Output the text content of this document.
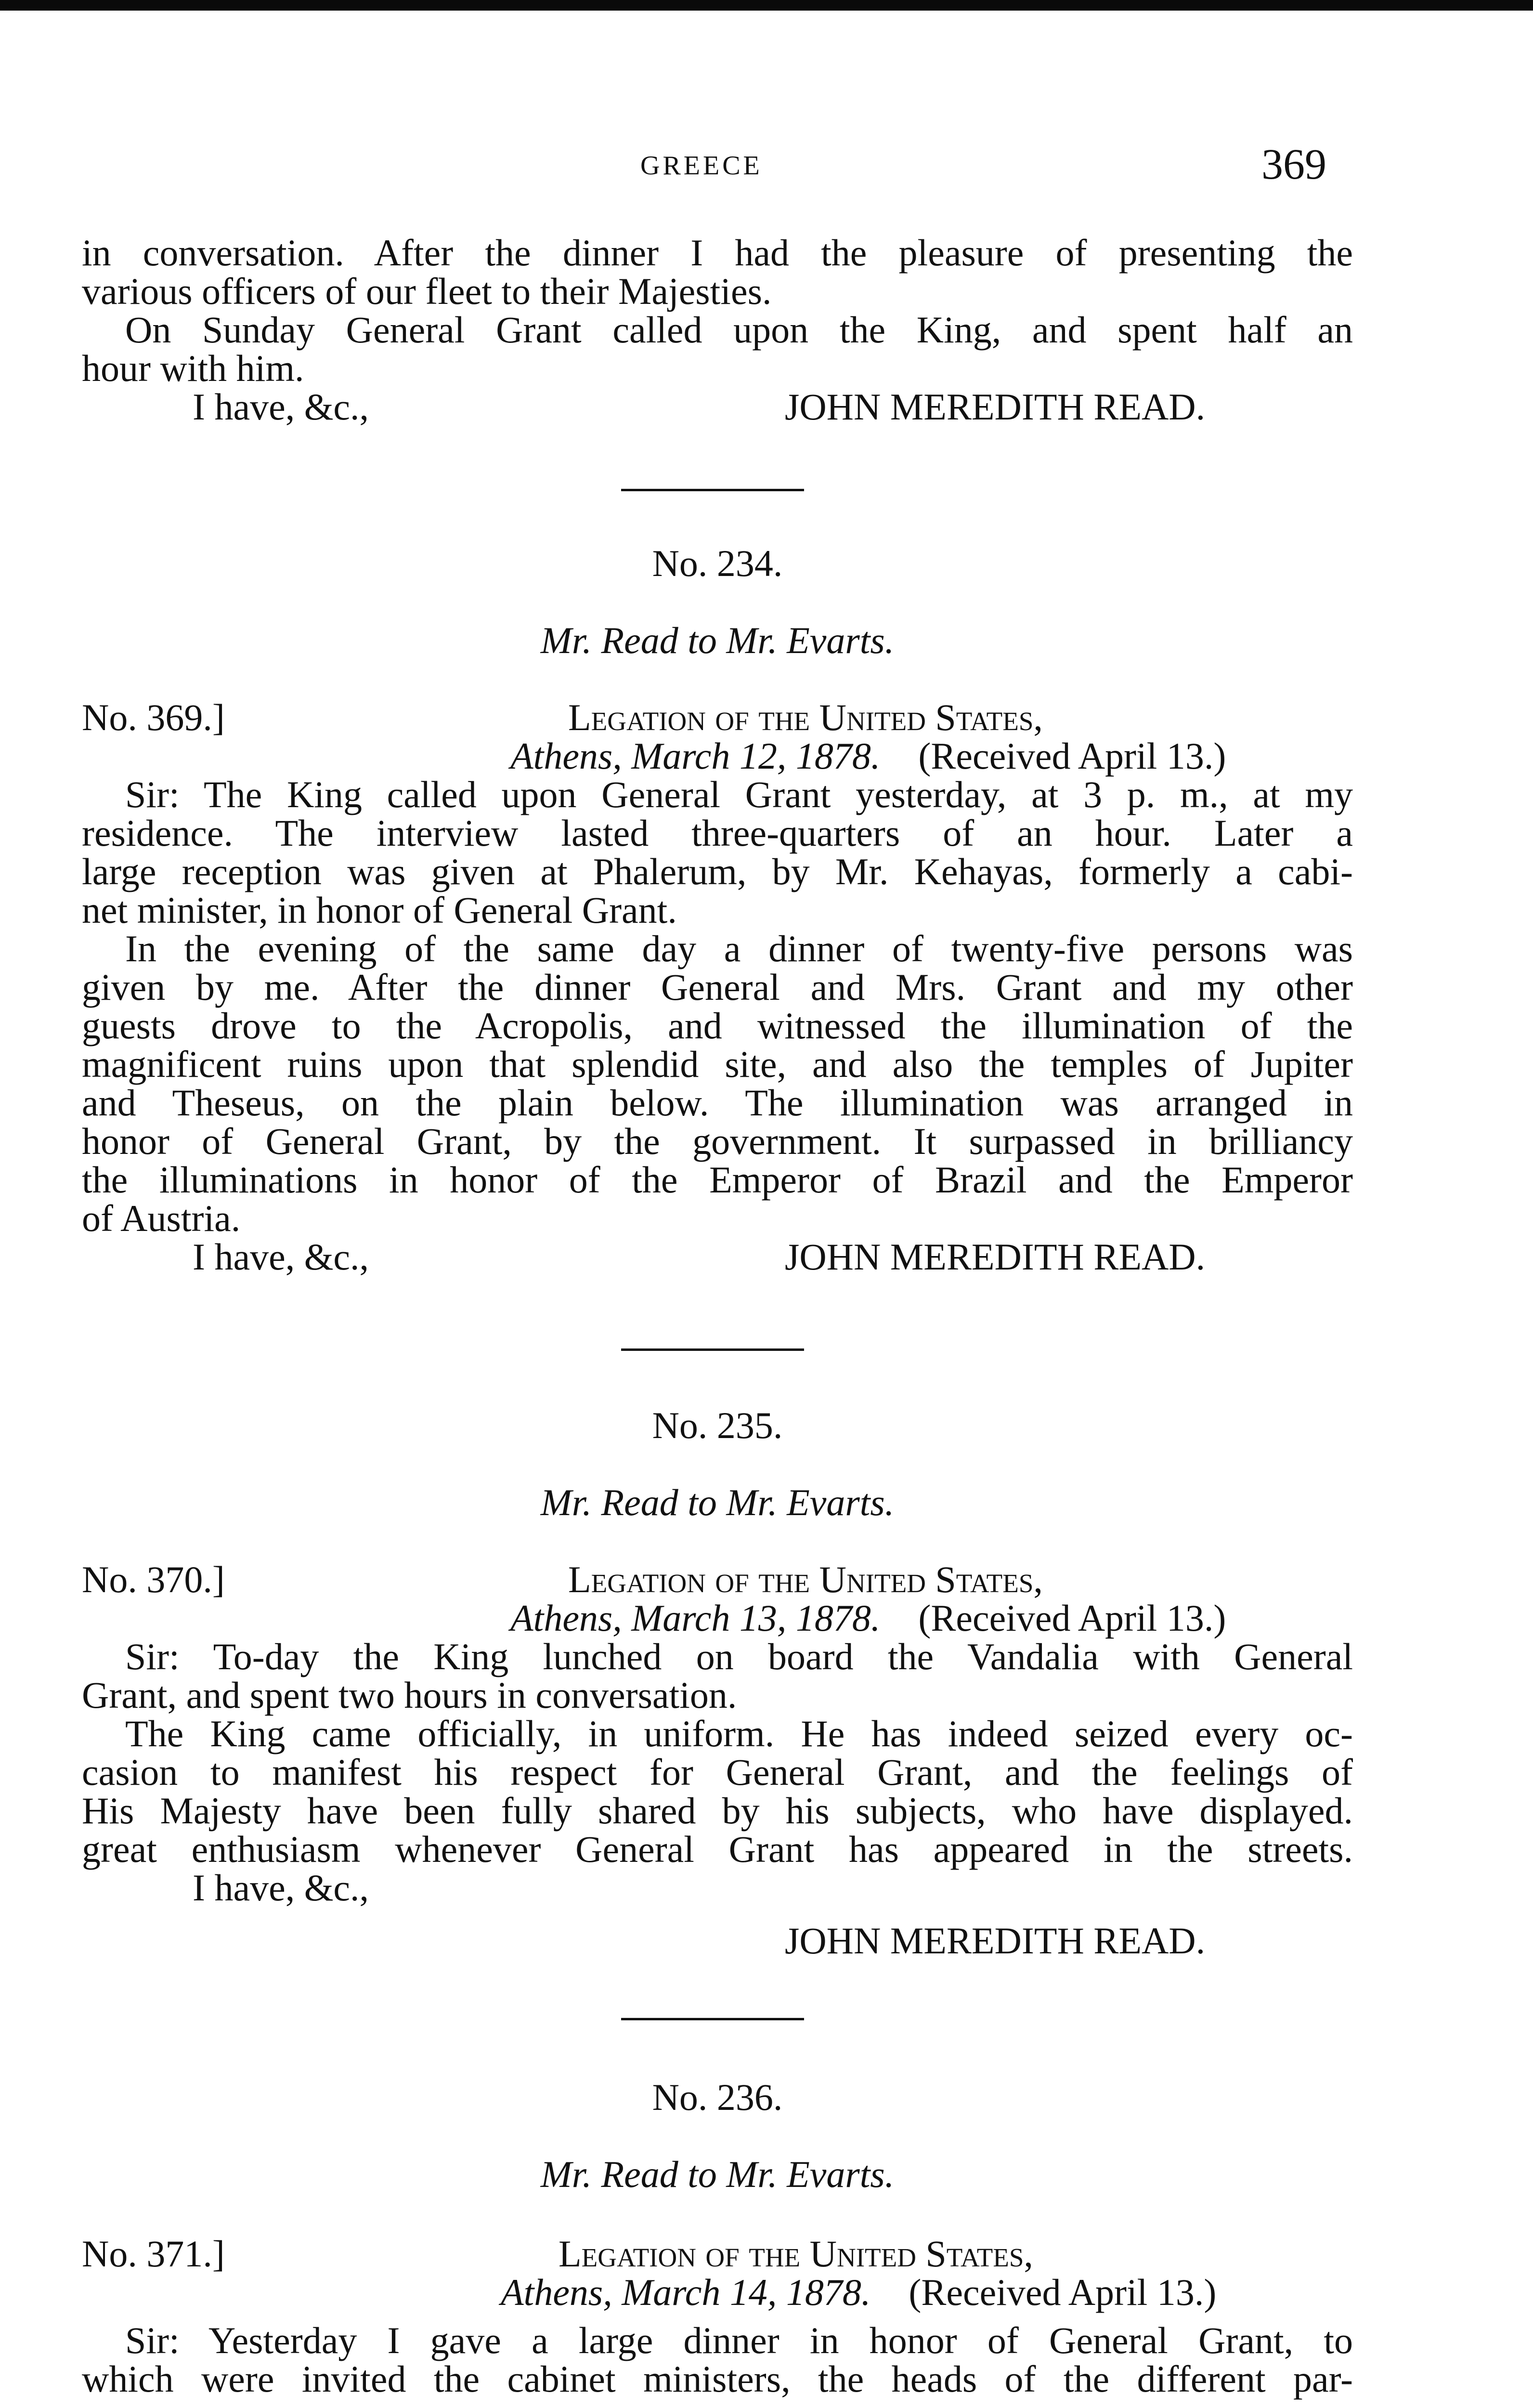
GREECE	369
in conversation. After the dinner I had the pleasure of presenting the
various officers of our fleet to their Majesties.
On Sunday General Grant called upon the King, and spent half an
hour with him.
I have, &c.,	JOHN MEREDITH READ.
No. 234.
Mr. Read to Mr. Evarts.
No. 369.]	Legation of the United States,
Athens, March 12, 1878. (Received April 13.)
Sir: The King called upon General Grant yesterday, at 3 p. m., at my
residence. The interview lasted three-quarters of an hour. Later a
large reception was given at Phalerum, by Mr. Kehayas, formerly a cabi-
net minister, in honor of General Grant.
In the evening of the same day a dinner of twenty-five persons was
given by me. After the dinner General and Mrs. Grant and my other
guests drove to the Acropolis, and witnessed the illumination of the
magnificent ruins upon that splendid site, and also the temples of Jupiter
and Theseus, on the plain below. The illumination was arranged in
honor of General Grant, by the government. It surpassed in brilliancy
the illuminations in honor of the Emperor of Brazil and the Emperor
of Austria.
I have, &c.,	JOHN MEREDITH READ.
No. 235.
Mr. Read to Mr. Evarts.
No. 370.]	Legation of the United States,
Athens, March 13, 1878. (Received April 13.)
Sir: To-day the King lunched on board the Vandalia with General
Grant, and spent two hours in conversation.
The King came officially, in uniform. He has indeed seized every oc-
casion to manifest his respect for General Grant, and the feelings of
His Majesty have been fully shared by his subjects, who have displayed.
great enthusiasm whenever General Grant has appeared in the streets.
I have, &c.,
JOHN MEREDITH READ.
No. 236.
Mr. Read to Mr. Evarts.
No. 371.]	Legation of the United States,
Athens, March 14, 1878. (Received April 13.)
Sir: Yesterday I gave a large dinner in honor of General Grant, to
which were invited the cabinet ministers, the heads of the different par-
